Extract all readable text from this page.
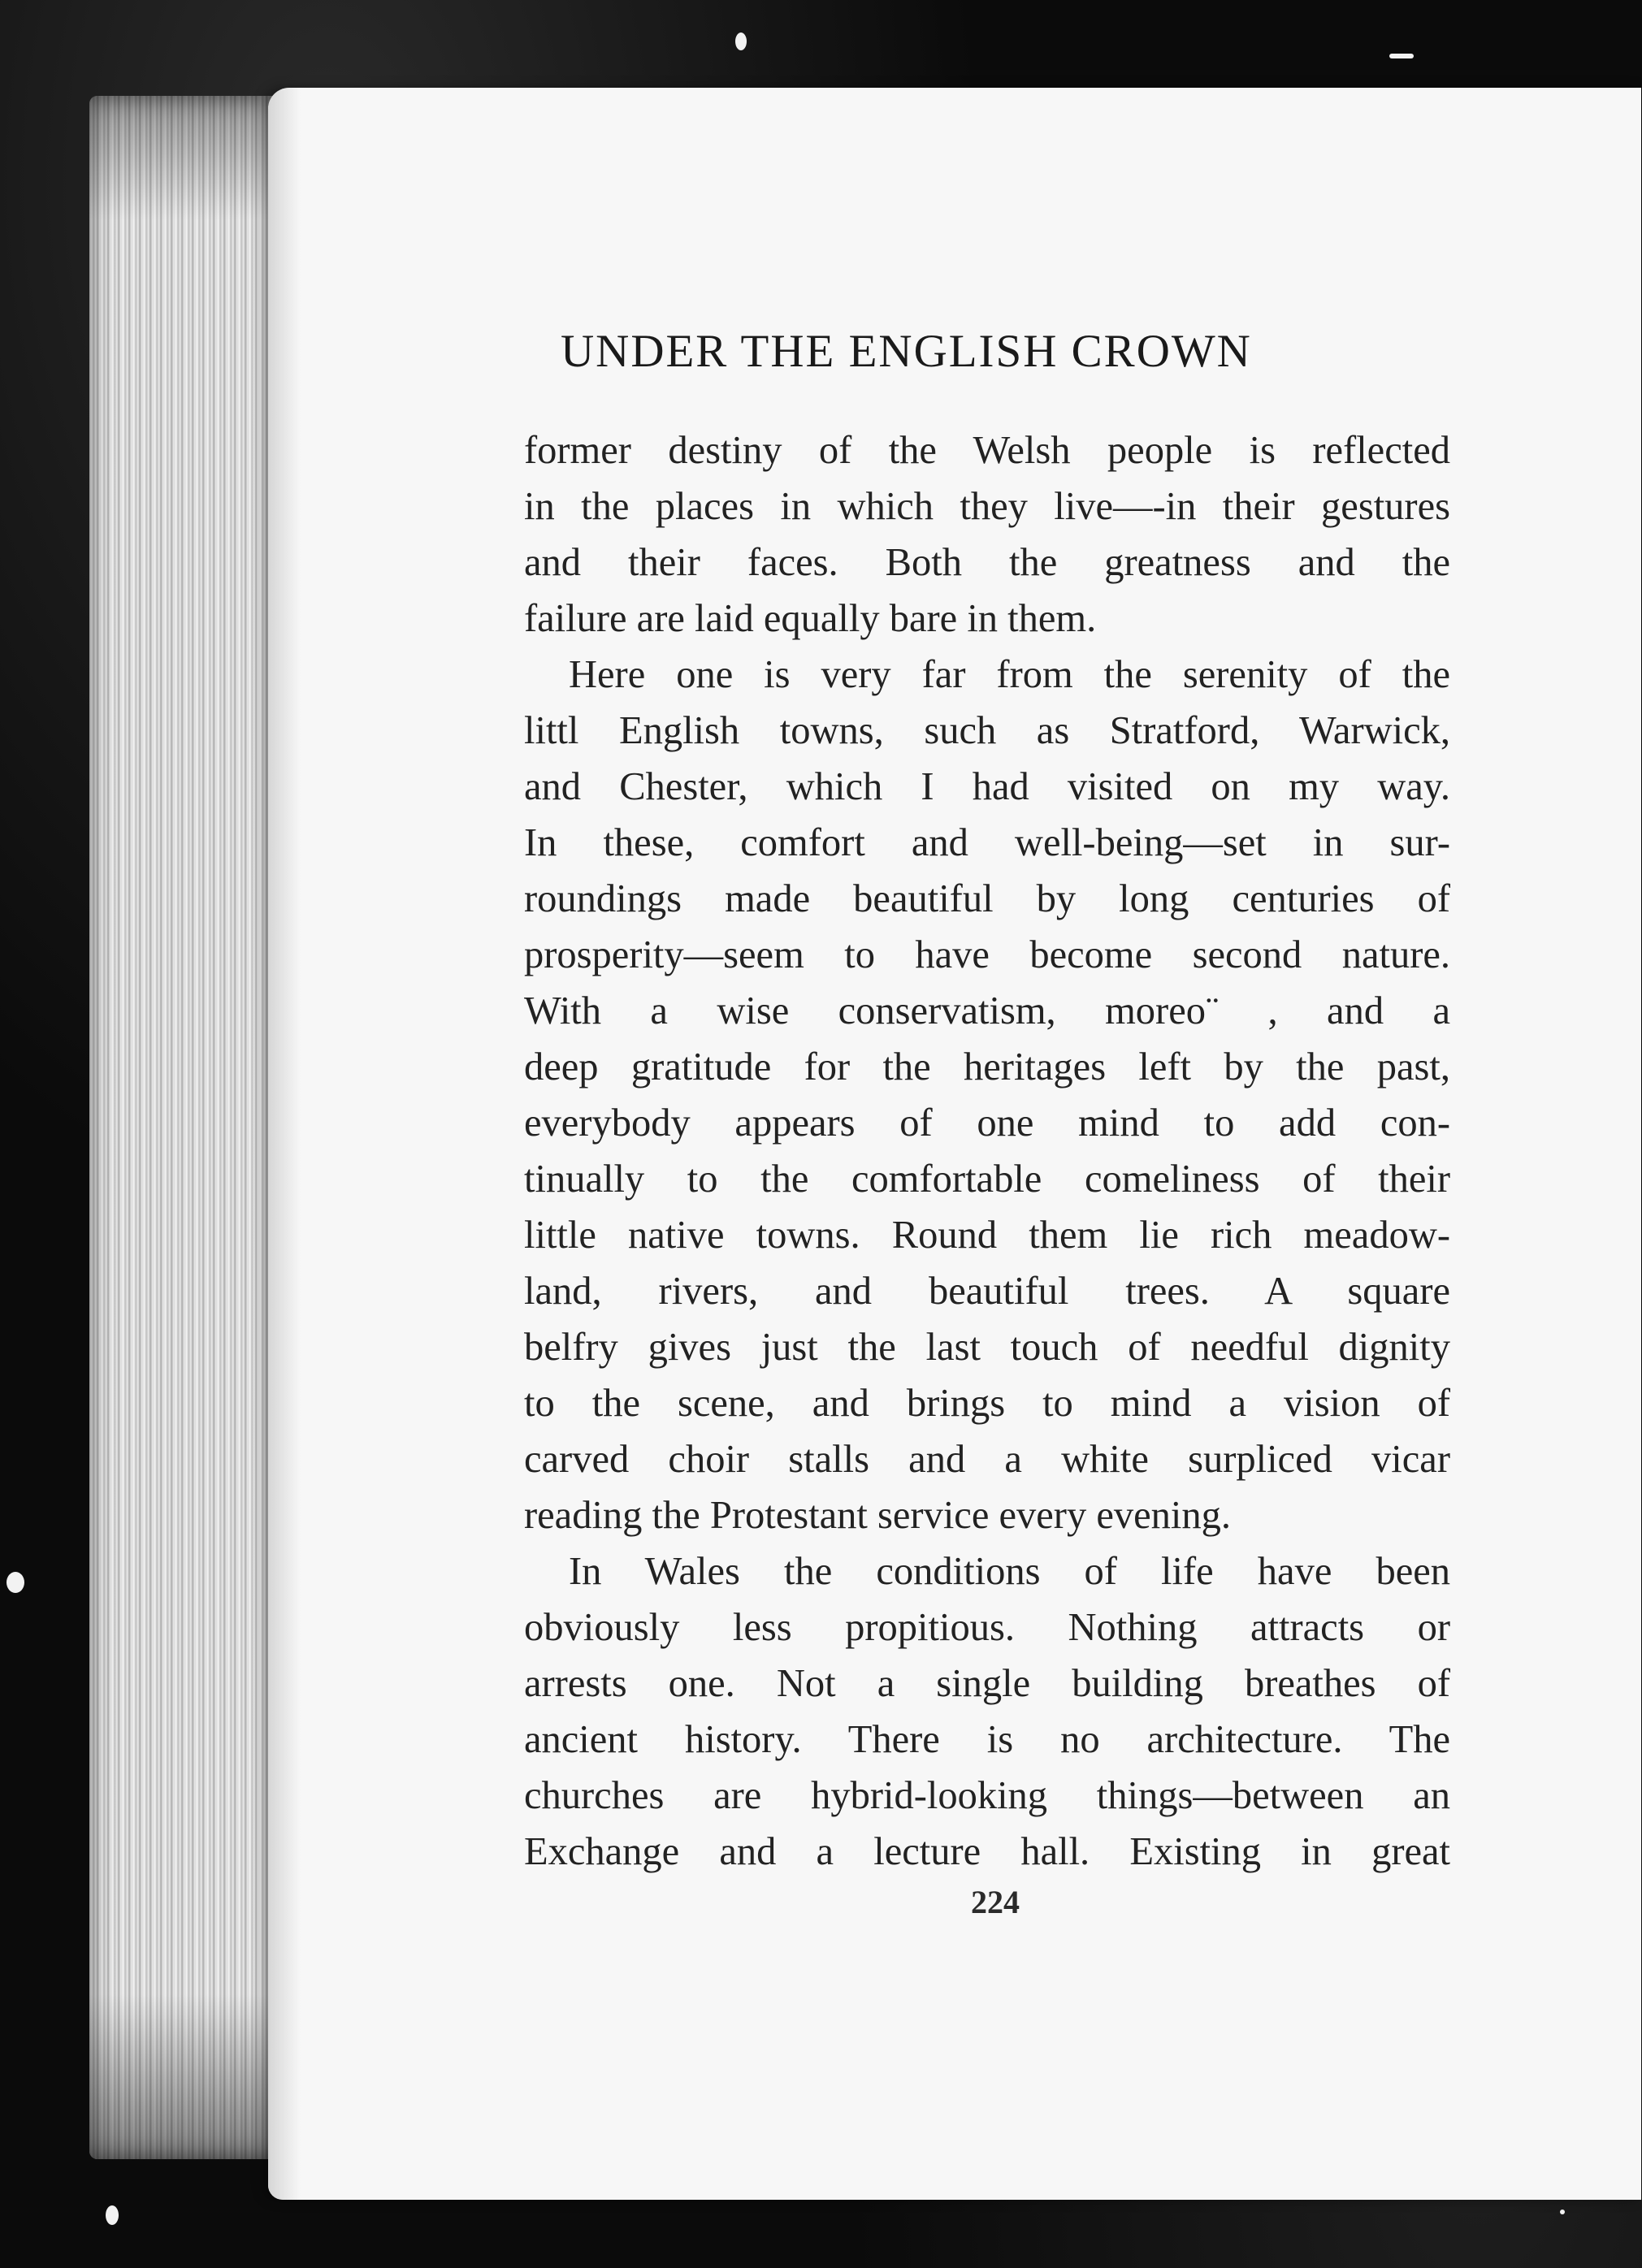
UNDER THE ENGLISH CROWN
former destiny of the Welsh people is reflected
in the places in which they live—-in their gestures
and their faces. Both the greatness and the
failure are laid equally bare in them.
Here one is very far from the serenity of the
littl English towns, such as Stratford, Warwick,
and Chester, which I had visited on my way.
In these, comfort and well-being—set in sur-
roundings made beautiful by long centuries of
prosperity—seem to have become second nature.
With a wise conservatism, moreo¨ , and a
deep gratitude for the heritages left by the past,
everybody appears of one mind to add con-
tinually to the comfortable comeliness of their
little native towns. Round them lie rich meadow-
land, rivers, and beautiful trees. A square
belfry gives just the last touch of needful dignity
to the scene, and brings to mind a vision of
carved choir stalls and a white surpliced vicar
reading the Protestant service every evening.
In Wales the conditions of life have been
obviously less propitious. Nothing attracts or
arrests one. Not a single building breathes of
ancient history. There is no architecture. The
churches are hybrid-looking things—between an
Exchange and a lecture hall. Existing in great
224
